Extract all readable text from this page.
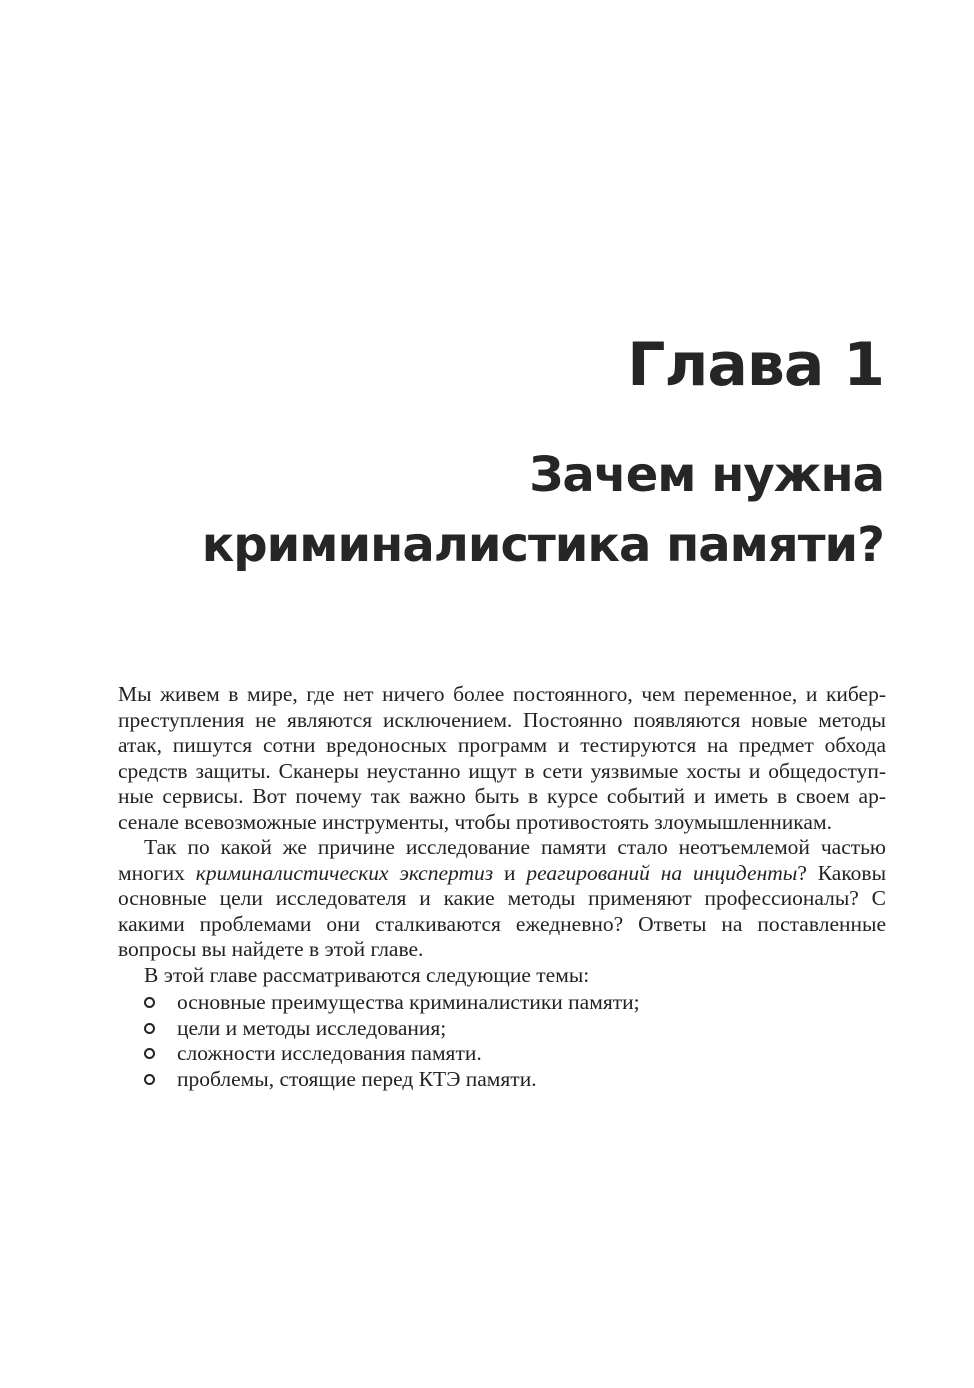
Глава 1
Зачем нужна
криминалистика памяти?

Мы живем в мире, где нет ничего более постоянного, чем переменное, и кибер-преступления не являются исключением. Постоянно появляются новые методы атак, пишутся сотни вредоносных программ и тестируются на предмет обхода средств защиты. Сканеры неустанно ищут в сети уязвимые хосты и общедоступ-ные сервисы. Вот почему так важно быть в курсе событий и иметь в своем ар-сенале всевозможные инструменты, чтобы противостоять злоумышленникам.

Так по какой же причине исследование памяти стало неотъемлемой частью многих криминалистических экспертиз и реагирований на инциденты? Каковы основные цели исследователя и какие методы применяют профессионалы? С какими проблемами они сталкиваются ежедневно? Ответы на поставленные вопросы вы найдете в этой главе.

В этой главе рассматриваются следующие темы:

основные преимущества криминалистики памяти;
цели и методы исследования;
сложности исследования памяти.
проблемы, стоящие перед КТЭ памяти.
